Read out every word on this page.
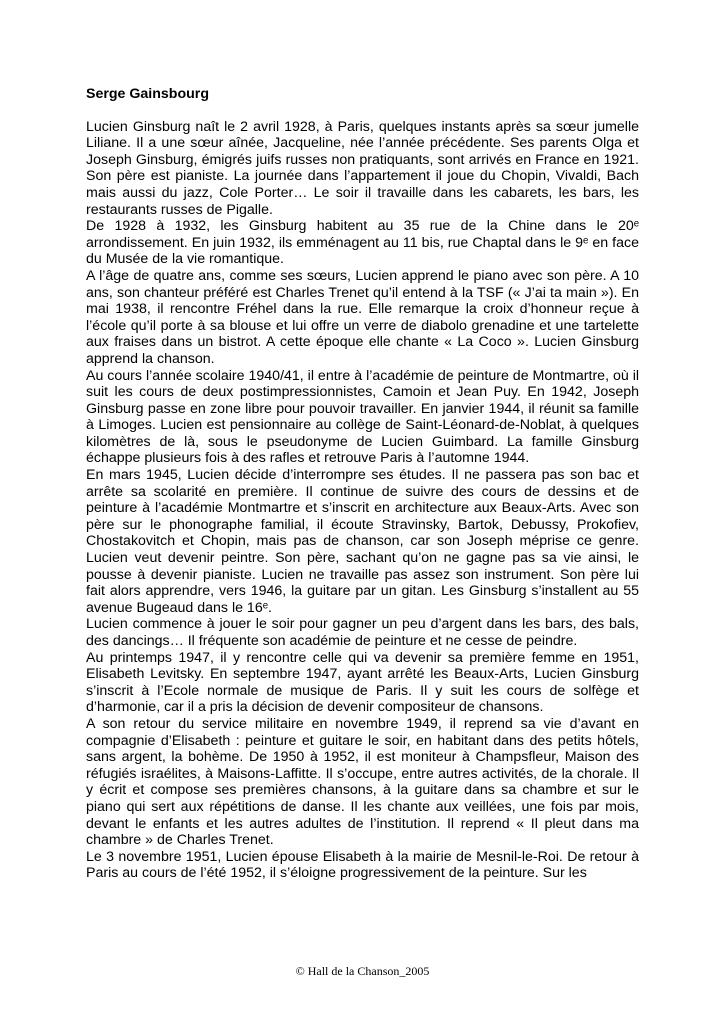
Serge Gainsbourg

Lucien Ginsburg naît le 2 avril 1928, à Paris, quelques instants après sa sœur jumelle Liliane. Il a une sœur aînée, Jacqueline, née l’année précédente. Ses parents Olga et Joseph Ginsburg, émigrés juifs russes non pratiquants, sont arrivés en France en 1921. Son père est pianiste. La journée dans l’appartement il joue du Chopin, Vivaldi, Bach mais aussi du jazz, Cole Porter… Le soir il travaille dans les cabarets, les bars, les restaurants russes de Pigalle.

De 1928 à 1932, les Ginsburg habitent au 35 rue de la Chine dans le 20ᵉ arrondissement. En juin 1932, ils emménagent au 11 bis, rue Chaptal dans le 9ᵉ en face du Musée de la vie romantique.

A l’âge de quatre ans, comme ses sœurs, Lucien apprend le piano avec son père. A 10 ans, son chanteur préféré est Charles Trenet qu’il entend à la TSF (« J’ai ta main »). En mai 1938, il rencontre Fréhel dans la rue. Elle remarque la croix d’honneur reçue à l’école qu’il porte à sa blouse et lui offre un verre de diabolo grenadine et une tartelette aux fraises dans un bistrot. A cette époque elle chante « La Coco ». Lucien Ginsburg apprend la chanson.

Au cours l’année scolaire 1940/41, il entre à l’académie de peinture de Montmartre, où il suit les cours de deux postimpressionnistes, Camoin et Jean Puy. En 1942, Joseph Ginsburg passe en zone libre pour pouvoir travailler. En janvier 1944, il réunit sa famille à Limoges. Lucien est pensionnaire au collège de Saint-Léonard-de-Noblat, à quelques kilomètres de là, sous le pseudonyme de Lucien Guimbard. La famille Ginsburg échappe plusieurs fois à des rafles et retrouve Paris à l’automne 1944.

En mars 1945, Lucien décide d’interrompre ses études. Il ne passera pas son bac et arrête sa scolarité en première. Il continue de suivre des cours de dessins et de peinture à l’académie Montmartre et s’inscrit en architecture aux Beaux-Arts. Avec son père sur le phonographe familial, il écoute Stravinsky, Bartok, Debussy, Prokofiev, Chostakovitch et Chopin, mais pas de chanson, car son Joseph méprise ce genre. Lucien veut devenir peintre. Son père, sachant qu’on ne gagne pas sa vie ainsi, le pousse à devenir pianiste. Lucien ne travaille pas assez son instrument. Son père lui fait alors apprendre, vers 1946, la guitare par un gitan. Les Ginsburg s’installent au 55 avenue Bugeaud dans le 16ᵉ.

Lucien commence à jouer le soir pour gagner un peu d’argent dans les bars, des bals, des dancings… Il fréquente son académie de peinture et ne cesse de peindre.

Au printemps 1947, il y rencontre celle qui va devenir sa première femme en 1951, Elisabeth Levitsky. En septembre 1947, ayant arrêté les Beaux-Arts, Lucien Ginsburg s’inscrit à l’Ecole normale de musique de Paris. Il y suit les cours de solfège et d’harmonie, car il a pris la décision de devenir compositeur de chansons.

A son retour du service militaire en novembre 1949, il reprend sa vie d’avant en compagnie d’Elisabeth : peinture et guitare le soir, en habitant dans des petits hôtels, sans argent, la bohème. De 1950 à 1952, il est moniteur à Champsfleur, Maison des réfugiés israélites, à Maisons-Laffitte. Il s’occupe, entre autres activités, de la chorale. Il y écrit et compose ses premières chansons, à la guitare dans sa chambre et sur le piano qui sert aux répétitions de danse. Il les chante aux veillées, une fois par mois, devant le enfants et les autres adultes de l’institution. Il reprend « Il pleut dans ma chambre » de Charles Trenet.

Le 3 novembre 1951, Lucien épouse Elisabeth à la mairie de Mesnil-le-Roi. De retour à Paris au cours de l’été 1952, il s’éloigne progressivement de la peinture. Sur les

© Hall de la Chanson_2005
